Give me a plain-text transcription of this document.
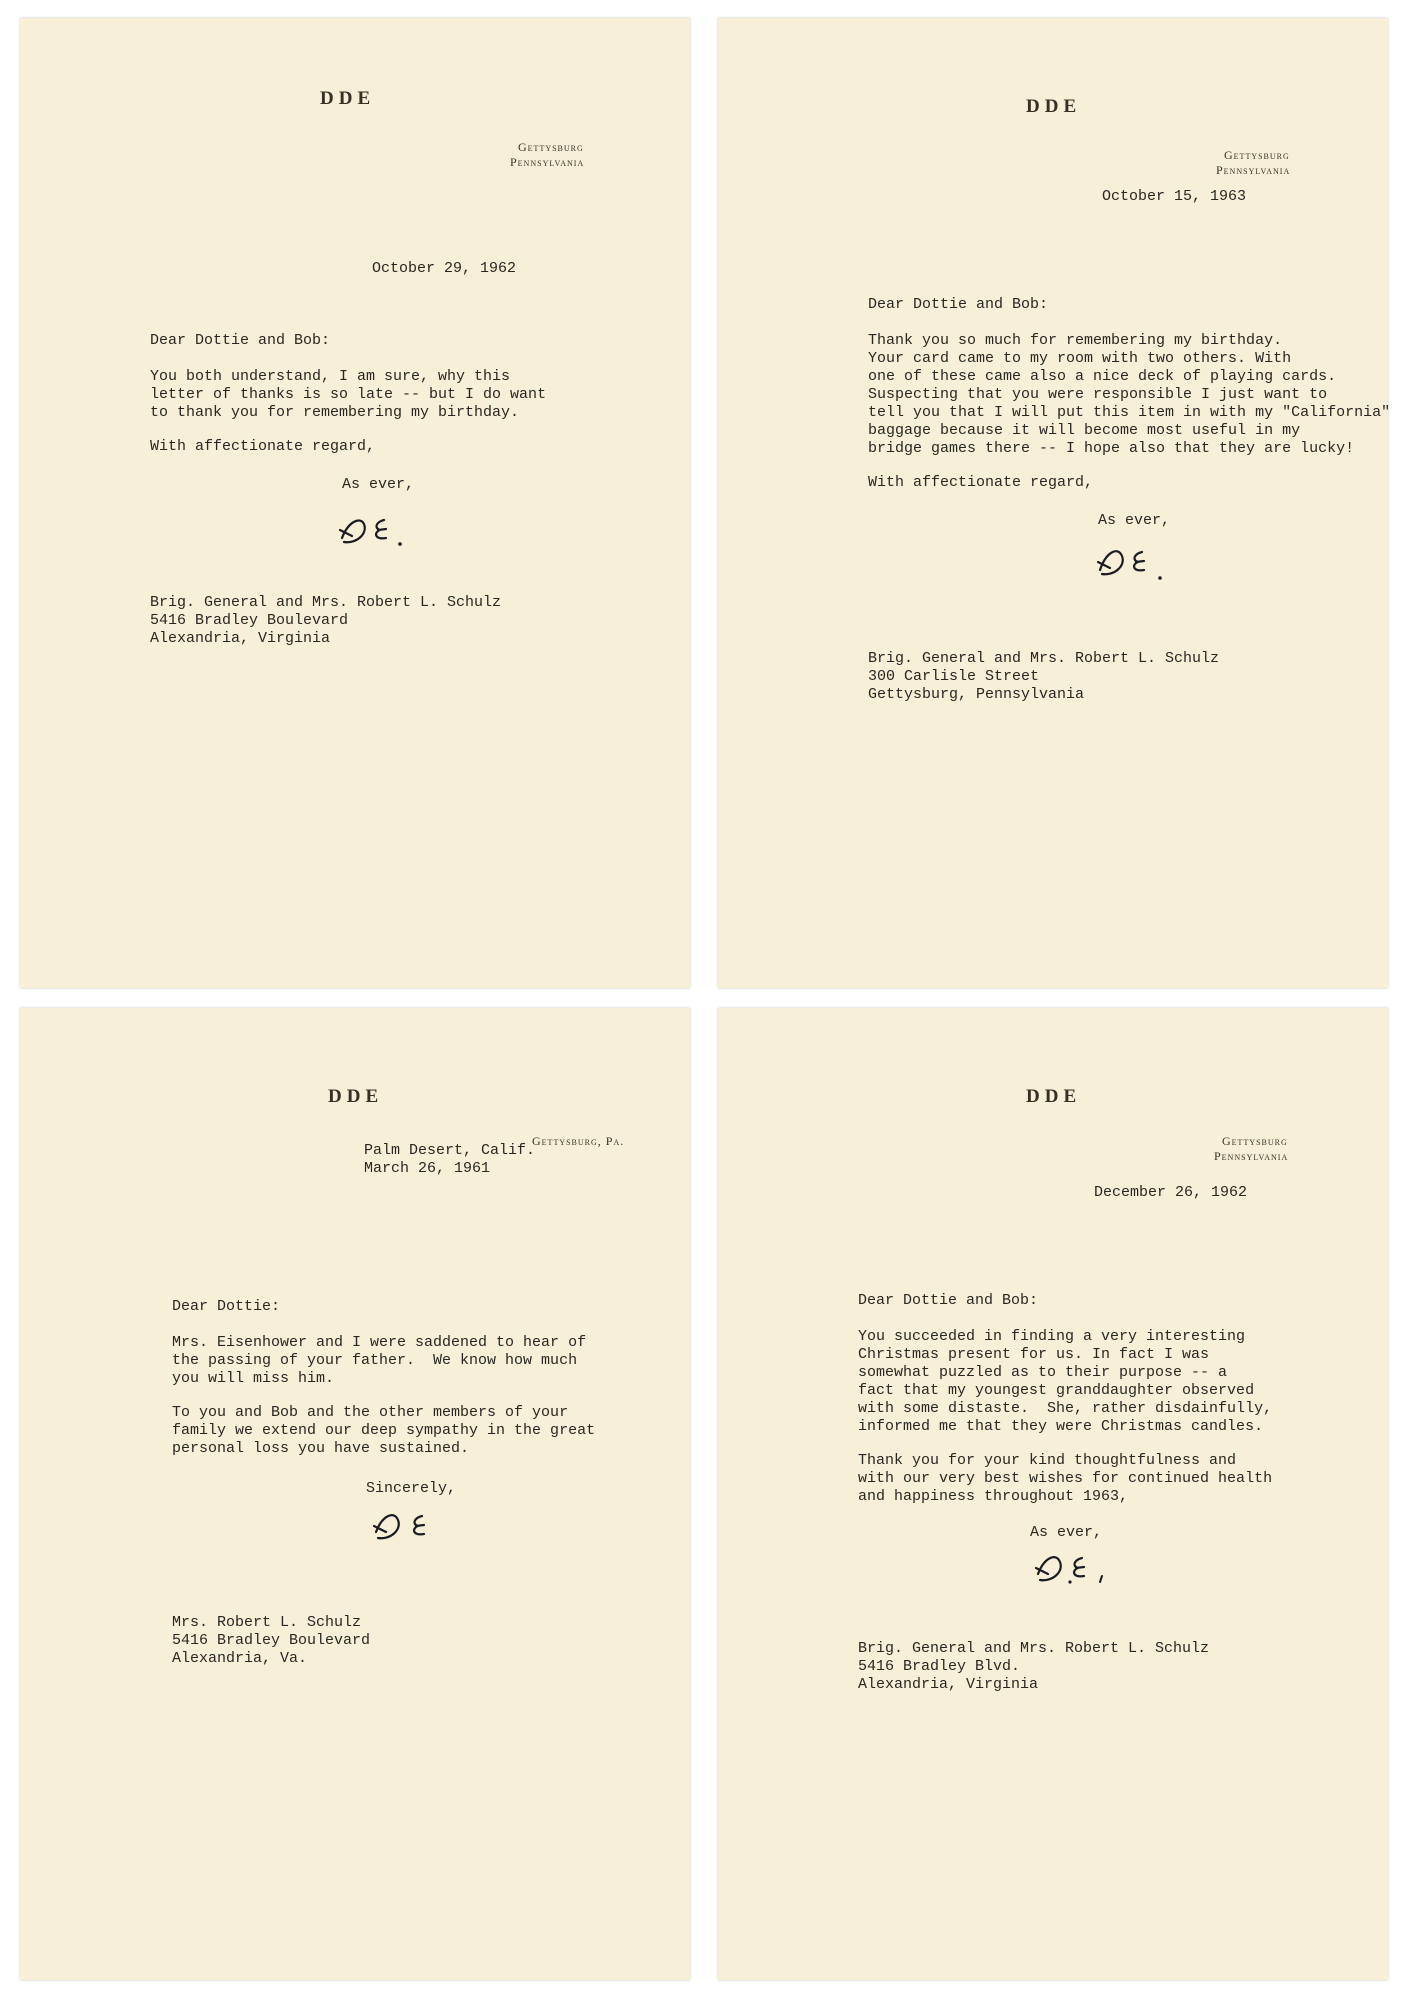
DDE
Gettysburg
Pennsylvania
October 29, 1962
Dear Dottie and Bob:
You both understand, I am sure, why this
letter of thanks is so late -- but I do want
to thank you for remembering my birthday.
With affectionate regard,
As ever,
Brig. General and Mrs. Robert L. Schulz
5416 Bradley Boulevard
Alexandria, Virginia
DDE
Gettysburg
Pennsylvania
October 15, 1963
Dear Dottie and Bob:
Thank you so much for remembering my birthday.
Your card came to my room with two others. With
one of these came also a nice deck of playing cards.
Suspecting that you were responsible I just want to
tell you that I will put this item in with my "California"
baggage because it will become most useful in my
bridge games there -- I hope also that they are lucky!
With affectionate regard,
As ever,
Brig. General and Mrs. Robert L. Schulz
300 Carlisle Street
Gettysburg, Pennsylvania
DDE
Gettysburg, Pa.
Palm Desert, Calif.
March 26, 1961
Dear Dottie:
Mrs. Eisenhower and I were saddened to hear of
the passing of your father.  We know how much
you will miss him.
To you and Bob and the other members of your
family we extend our deep sympathy in the great
personal loss you have sustained.
Sincerely,
Mrs. Robert L. Schulz
5416 Bradley Boulevard
Alexandria, Va.
DDE
Gettysburg
Pennsylvania
December 26, 1962
Dear Dottie and Bob:
You succeeded in finding a very interesting
Christmas present for us. In fact I was
somewhat puzzled as to their purpose -- a
fact that my youngest granddaughter observed
with some distaste.  She, rather disdainfully,
informed me that they were Christmas candles.
Thank you for your kind thoughtfulness and
with our very best wishes for continued health
and happiness throughout 1963,
As ever,
Brig. General and Mrs. Robert L. Schulz
5416 Bradley Blvd.
Alexandria, Virginia
